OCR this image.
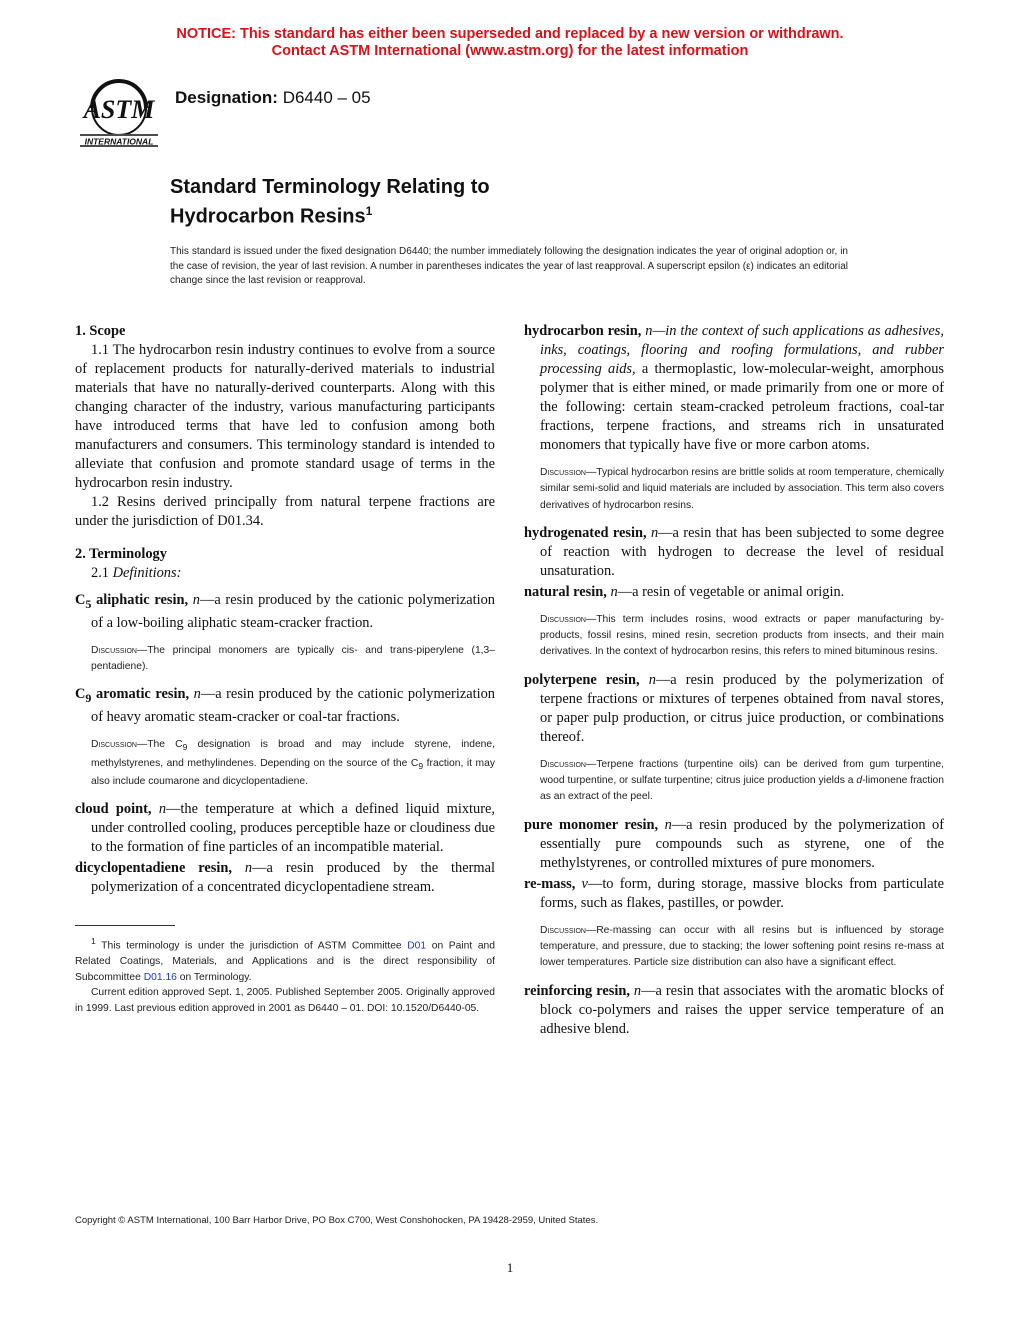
NOTICE: This standard has either been superseded and replaced by a new version or withdrawn.
Contact ASTM International (www.astm.org) for the latest information
ASTM
INTERNATIONAL
Designation: D6440 – 05
Standard Terminology Relating to
Hydrocarbon Resins$^1$
This standard is issued under the fixed designation D6440; the number immediately following the designation indicates the year of original adoption or, in the case of revision, the year of last revision. A number in parentheses indicates the year of last reapproval. A superscript epsilon (ε) indicates an editorial change since the last revision or reapproval.

1. Scope

1.1 The hydrocarbon resin industry continues to evolve from a source of replacement products for naturally-derived materials to industrial materials that have no naturally-derived counterparts. Along with this changing character of the industry, various manufacturing participants have introduced terms that have led to confusion among both manufacturers and consumers. This terminology standard is intended to alleviate that confusion and promote standard usage of terms in the hydrocarbon resin industry.

1.2 Resins derived principally from natural terpene fractions are under the jurisdiction of D01.34.

2. Terminology

2.1 Definitions:

$C_5$ aliphatic resin, n—a resin produced by the cationic polymerization of a low-boiling aliphatic steam-cracker fraction.

Discussion—The principal monomers are typically cis- and trans-piperylene (1,3–pentadiene).

$C_9$ aromatic resin, n—a resin produced by the cationic polymerization of heavy aromatic steam-cracker or coal-tar fractions.

Discussion—The $C_9$ designation is broad and may include styrene, indene, methylstyrenes, and methylindenes. Depending on the source of the $C_9$ fraction, it may also include coumarone and dicyclopentadiene.

cloud point, n—the temperature at which a defined liquid mixture, under controlled cooling, produces perceptible haze or cloudiness due to the formation of fine particles of an incompatible material.

dicyclopentadiene resin, n—a resin produced by the thermal polymerization of a concentrated dicyclopentadiene stream.

$^1$ This terminology is under the jurisdiction of ASTM Committee D01 on Paint and Related Coatings, Materials, and Applications and is the direct responsibility of Subcommittee D01.16 on Terminology.

Current edition approved Sept. 1, 2005. Published September 2005. Originally approved in 1999. Last previous edition approved in 2001 as D6440 – 01. DOI: 10.1520/D6440-05.

hydrocarbon resin, n—in the context of such applications as adhesives, inks, coatings, flooring and roofing formulations, and rubber processing aids, a thermoplastic, low-molecular-weight, amorphous polymer that is either mined, or made primarily from one or more of the following: certain steam-cracked petroleum fractions, coal-tar fractions, terpene fractions, and streams rich in unsaturated monomers that typically have five or more carbon atoms.

Discussion—Typical hydrocarbon resins are brittle solids at room temperature, chemically similar semi-solid and liquid materials are included by association. This term also covers derivatives of hydrocarbon resins.

hydrogenated resin, n—a resin that has been subjected to some degree of reaction with hydrogen to decrease the level of residual unsaturation.

natural resin, n—a resin of vegetable or animal origin.

Discussion—This term includes rosins, wood extracts or paper manufacturing by-products, fossil resins, mined resin, secretion products from insects, and their main derivatives. In the context of hydrocarbon resins, this refers to mined bituminous resins.

polyterpene resin, n—a resin produced by the polymerization of terpene fractions or mixtures of terpenes obtained from naval stores, or paper pulp production, or citrus juice production, or combinations thereof.

Discussion—Terpene fractions (turpentine oils) can be derived from gum turpentine, wood turpentine, or sulfate turpentine; citrus juice production yields a d-limonene fraction as an extract of the peel.

pure monomer resin, n—a resin produced by the polymerization of essentially pure compounds such as styrene, one of the methylstyrenes, or controlled mixtures of pure monomers.

re-mass, v—to form, during storage, massive blocks from particulate forms, such as flakes, pastilles, or powder.

Discussion—Re-massing can occur with all resins but is influenced by storage temperature, and pressure, due to stacking; the lower softening point resins re-mass at lower temperatures. Particle size distribution can also have a significant effect.

reinforcing resin, n—a resin that associates with the aromatic blocks of block co-polymers and raises the upper service temperature of an adhesive blend.

Copyright © ASTM International, 100 Barr Harbor Drive, PO Box C700, West Conshohocken, PA 19428-2959, United States.
1
